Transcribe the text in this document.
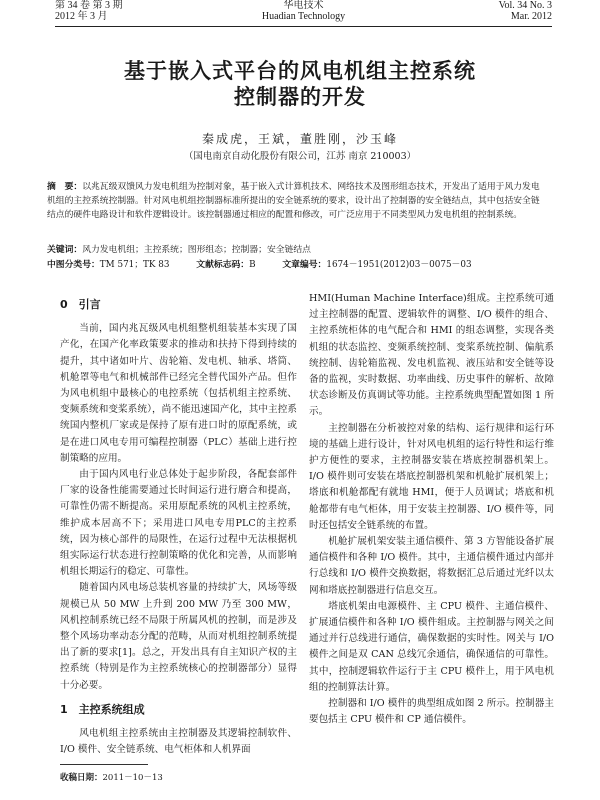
第 34 卷 第 3 期
2012 年 3 月
华电技术
Huadian Technology
Vol. 34 No. 3
Mar. 2012
基于嵌入式平台的风电机组主控系统
控制器的开发
秦成虎，王斌，董胜刚，沙玉峰
（国电南京自动化股份有限公司，江苏 南京 210003）
摘　要：以兆瓦级双馈风力发电机组为控制对象，基于嵌入式计算机技术、网络技术及图形组态技术，开发出了适用于风力发电机组的主控系统控制器。针对风电机组控制器标准所提出的安全链系统的要求，设计出了控制器的安全链结点，其中包括安全链结点的硬件电路设计和软件逻辑设计。该控制器通过相应的配置和修改，可广泛应用于不同类型风力发电机组的控制系统。
关键词：风力发电机组；主控系统；图形组态；控制器；安全链结点
中图分类号：TM 571；TK 83	文献标志码：B	文章编号：1674－1951(2012)03－0075－03
0　引言

当前，国内兆瓦级风电机组整机组装基本实现了国产化，在国产化率政策要求的推动和扶持下得到持续的提升，其中诸如叶片、齿轮箱、发电机、轴承、塔筒、机舱罩等电气和机械部件已经完全替代国外产品。但作为风电机组中最核心的电控系统（包括机组主控系统、变频系统和变桨系统），尚不能迅速国产化，其中主控系统国内整机厂家或是保持了原有进口时的原配系统，或是在进口风电专用可编程控制器（PLC）基础上进行控制策略的应用。

由于国内风电行业总体处于起步阶段，各配套部件厂家的设备性能需要通过长时间运行进行磨合和提高，可靠性仍需不断提高。采用原配系统的风机主控系统，维护成本居高不下；采用进口风电专用PLC的主控系统，因为核心部件的局限性，在运行过程中无法根据机组实际运行状态进行控制策略的优化和完善，从而影响机组长期运行的稳定、可靠性。

随着国内风电场总装机容量的持续扩大，风场等级规模已从 50 MW 上升到 200 MW 乃至 300 MW，风机控制系统已经不局限于所属风机的控制，而是涉及整个风场功率动态分配的范畴，从而对机组控制系统提出了新的要求[1]。总之，开发出具有自主知识产权的主控系统（特别是作为主控系统核心的控制器部分）显得十分必要。

1　主控系统组成

风电机组主控系统由主控制器及其逻辑控制软件、I/O 模件、安全链系统、电气柜体和人机界面

HMI(Human Machine Interface)组成。主控系统可通过主控制器的配置、逻辑软件的调整、I/O 模件的组合、主控系统柜体的电气配合和 HMI 的组态调整，实现各类机组的状态监控、变频系统控制、变桨系统控制、偏航系统控制、齿轮箱监视、发电机监视、液压站和安全链等设备的监视，实时数据、功率曲线、历史事件的解析、故障状态诊断及仿真调试等功能。主控系统典型配置如图 1 所示。

主控制器在分析被控对象的结构、运行规律和运行环境的基础上进行设计，针对风电机组的运行特性和运行维护方便性的要求，主控制器安装在塔底控制器机架上。I/O 模件则可安装在塔底控制器机架和机舱扩展机架上；塔底和机舱都配有就地 HMI，便于人员调试；塔底和机舱都带有电气柜体，用于安装主控制器、I/O 模件等，同时还包括安全链系统的布置。

机舱扩展机架安装主通信模件、第 3 方智能设备扩展通信模件和各种 I/O 模件。其中，主通信模件通过内部并行总线和 I/O 模件交换数据，将数据汇总后通过光纤以太网和塔底控制器进行信息交互。

塔底机架由电源模件、主 CPU 模件、主通信模件、扩展通信模件和各种 I/O 模件组成。主控制器与网关之间通过并行总线进行通信，确保数据的实时性。网关与 I/O 模件之间是双 CAN 总线冗余通信，确保通信的可靠性。其中，控制逻辑软件运行于主 CPU 模件上，用于风电机组的控制算法计算。

控制器和 I/O 模件的典型组成如图 2 所示。控制器主要包括主 CPU 模件和 CP 通信模件。

收稿日期：2011－10－13
